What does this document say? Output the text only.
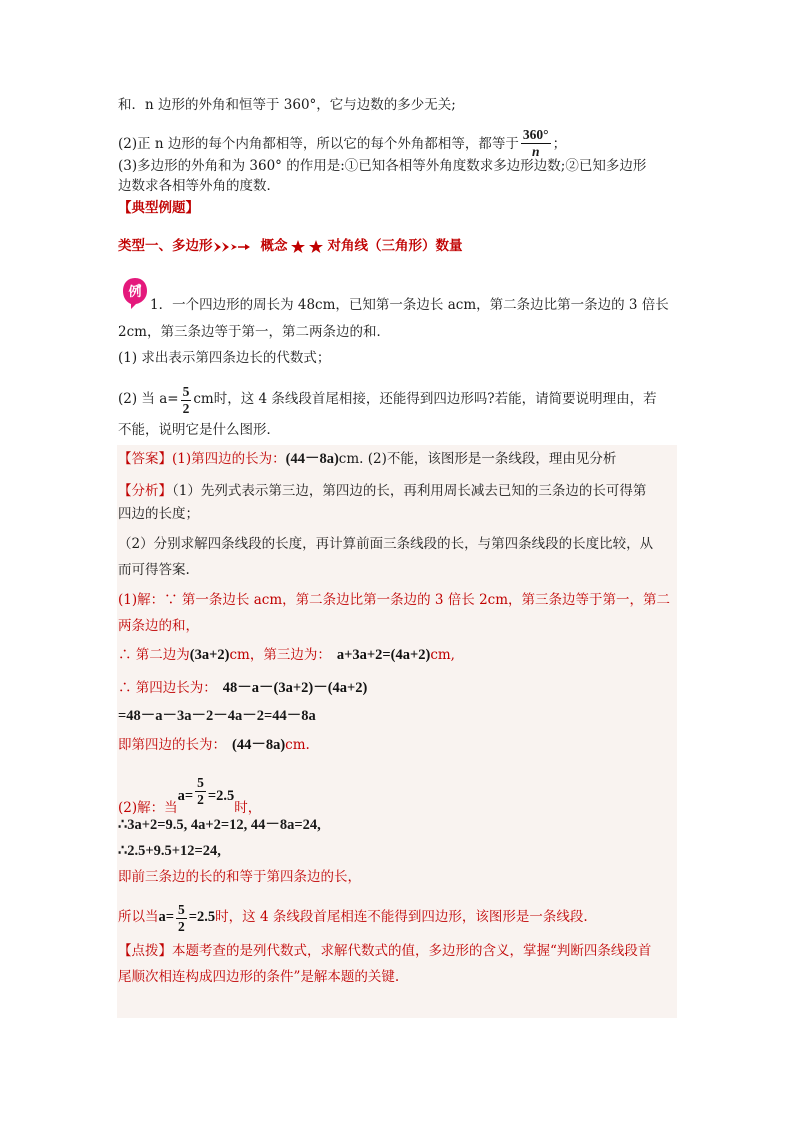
和．n 边形的外角和恒等于 360°，它与边数的多少无关;
(2)正 n 边形的每个内角都相等，所以它的每个外角都相等，都等于 $\frac{360^\circ}{n}$ ；
(3)多边形的外角和为 360° 的作用是:①已知各相等外角度数求多边形边数;②已知多边形
边数求各相等外角的度数．
【典型例题】
类型一、多边形	概念	对角线（三角形）数量
例
1．一个四边形的周长为 48cm，已知第一条边长 acm，第二条边比第一条边的 3 倍长
2cm，第三条边等于第一，第二两条边的和．
(1) 求出表示第四条边长的代数式；
(2) 当 $a= \frac{5}{2}$ cm时，这 4 条线段首尾相接，还能得到四边形吗?若能，请简要说明理由，若
不能，说明它是什么图形．
【答案】(1)第四边的长为：(44－8a)cm. (2)不能，该图形是一条线段，理由见分析
【分析】（1）先列式表示第三边，第四边的长，再利用周长减去已知的三条边的长可得第
四边的长度；
（2）分别求解四条线段的长度，再计算前面三条线段的长，与第四条线段的长度比较，从
而可得答案.
(1)解：∵ 第一条边长 acm，第二条边比第一条边的 3 倍长 2cm，第三条边等于第一，第二
两条边的和，
∴ 第二边为(3a+2)cm，第三边为： a+3a+2=(4a+2)cm,
∴ 第四边长为： 48－a－(3a+2)－(4a+2)
=48－a－3a－2－4a－2=44－8a
即第四边的长为： (44－8a)cm.
(2)解：当$a= \frac{5}{2} =2.5$时，
∴3a+2=9.5, 4a+2=12, 44－8a=24,
∴2.5+9.5+12=24,
即前三条边的长的和等于第四条边的长，
所以当$a= \frac{5}{2} =2.5$时，这 4 条线段首尾相连不能得到四边形，该图形是一条线段.
【点拨】本题考查的是列代数式，求解代数式的值，多边形的含义，掌握“判断四条线段首
尾顺次相连构成四边形的条件”是解本题的关键.
